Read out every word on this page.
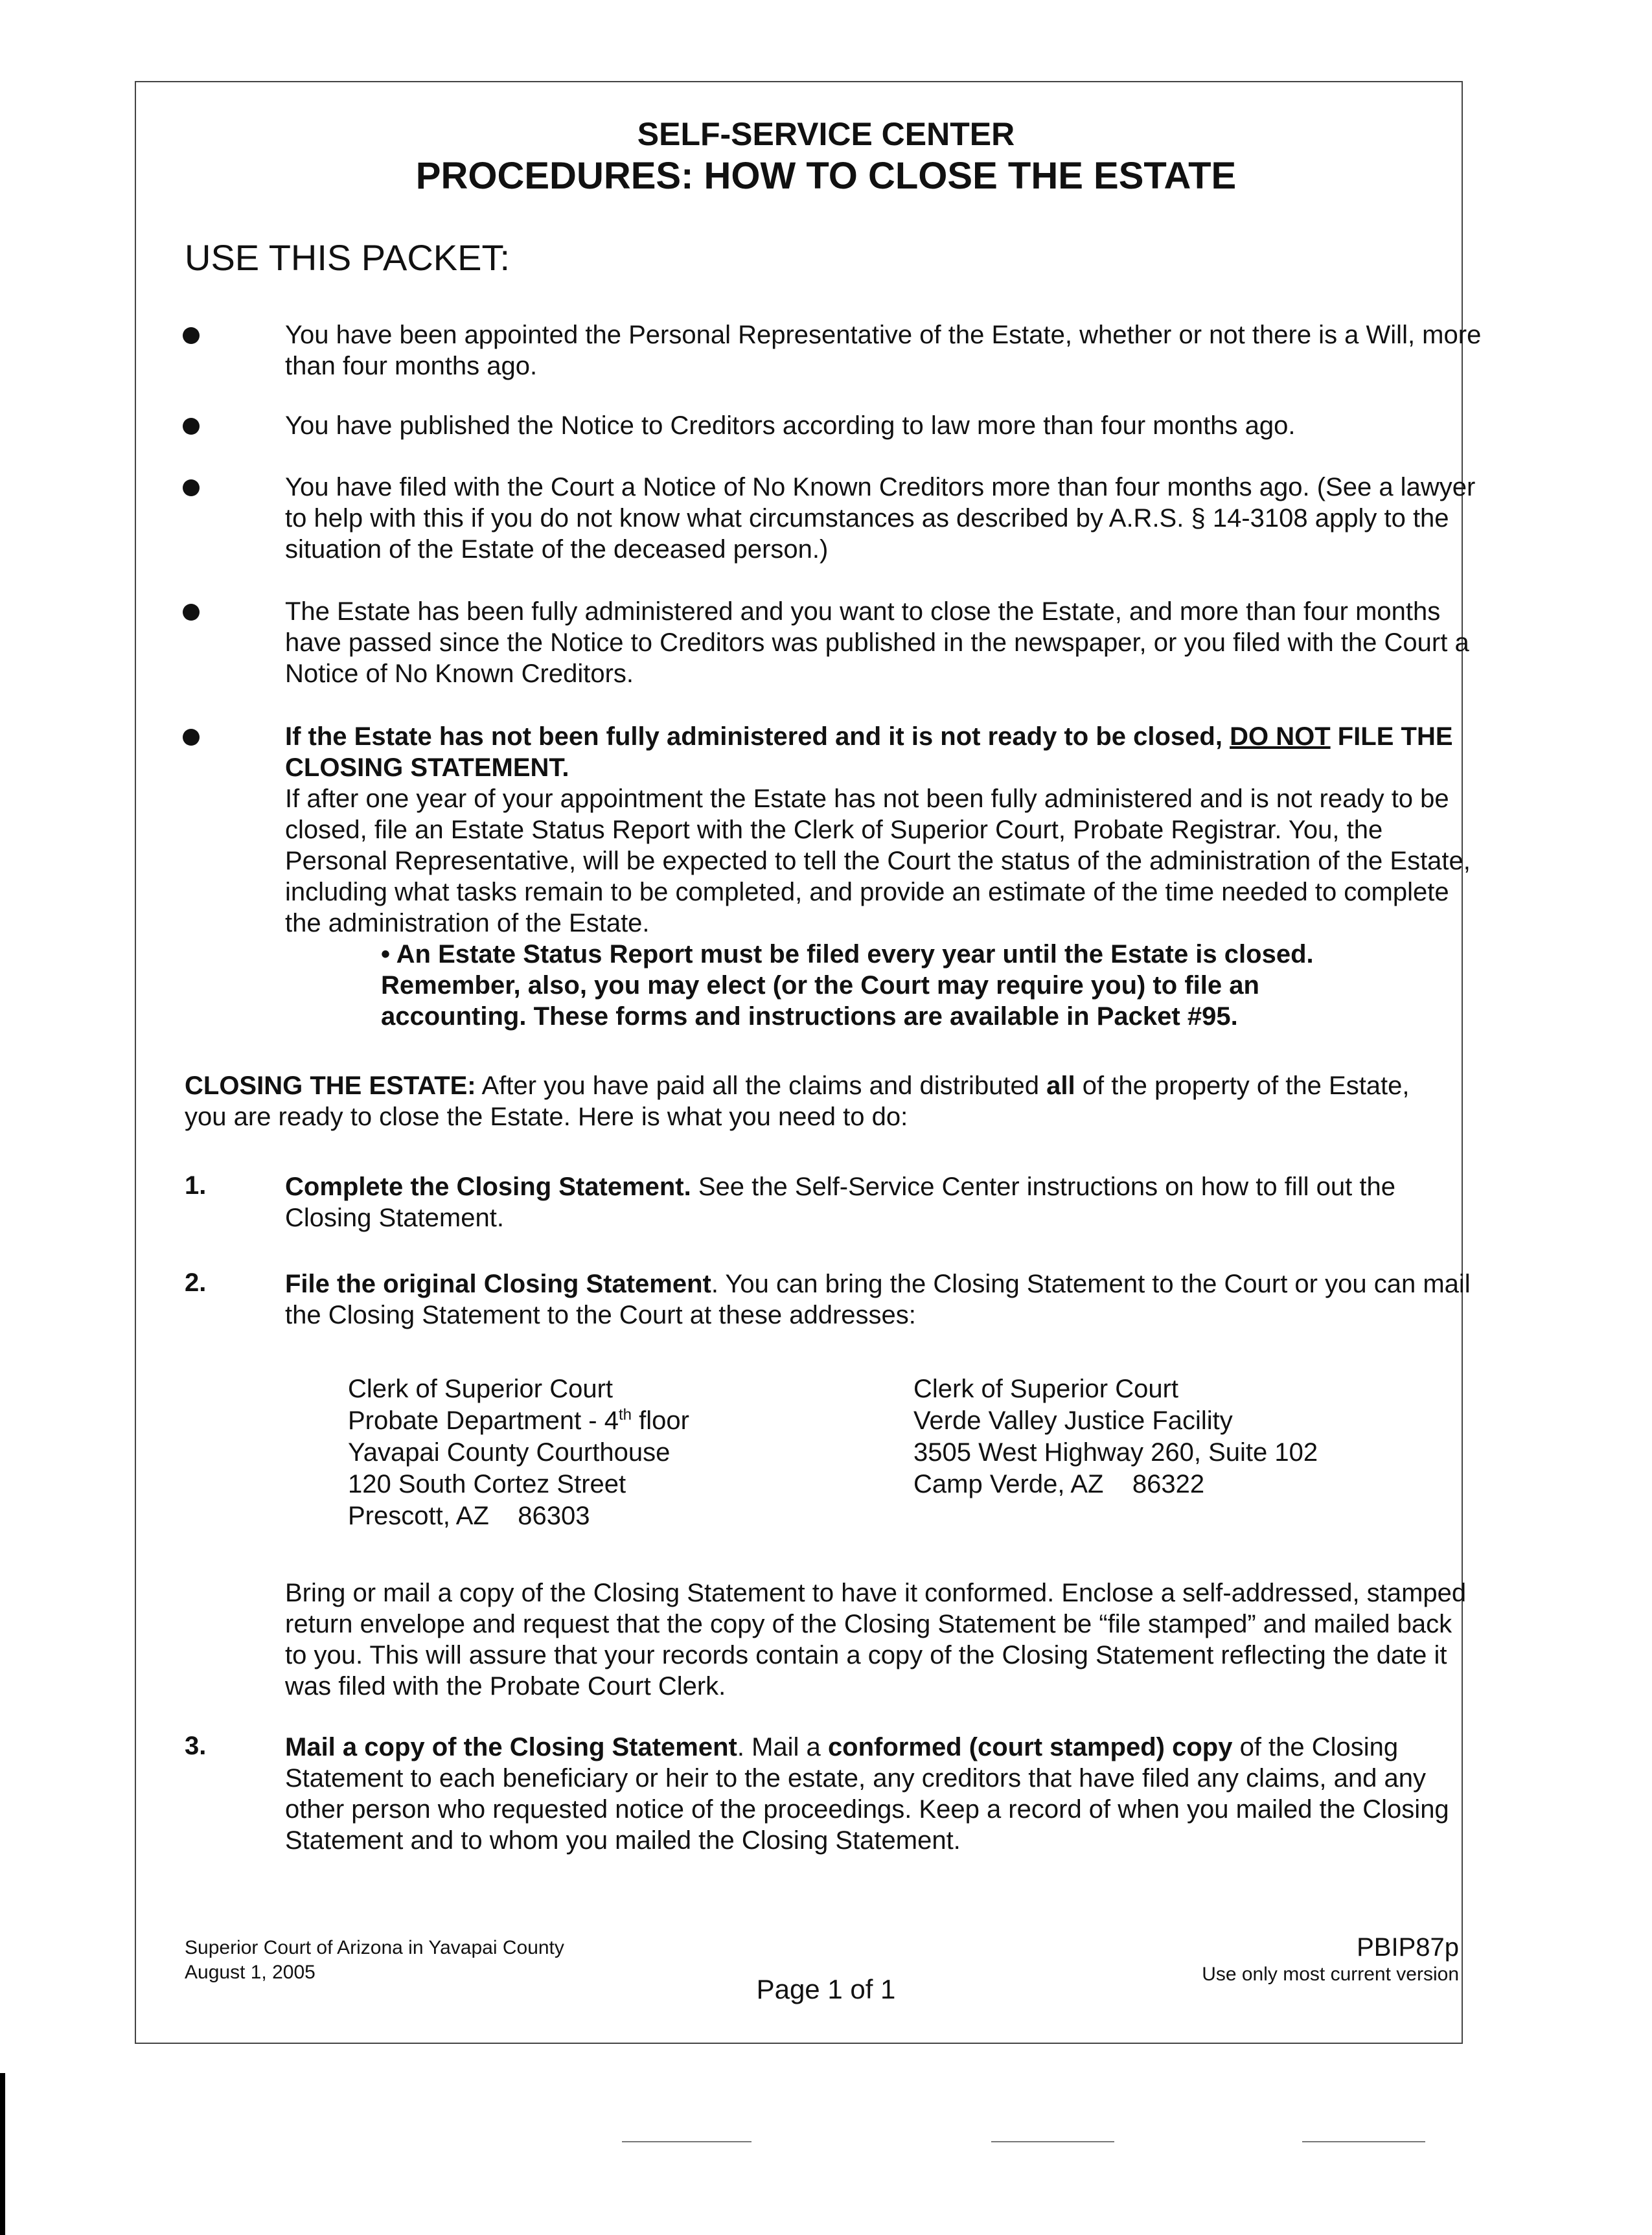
SELF-SERVICE CENTER
PROCEDURES: HOW TO CLOSE THE ESTATE
USE THIS PACKET:
You have been appointed the Personal Representative of the Estate, whether or not there is a Will, more than four months ago.
You have published the Notice to Creditors according to law more than four months ago.
You have filed with the Court a Notice of No Known Creditors more than four months ago. (See a lawyer to help with this if you do not know what circumstances as described by A.R.S. § 14-3108 apply to the situation of the Estate of the deceased person.)
The Estate has been fully administered and you want to close the Estate, and more than four months have passed since the Notice to Creditors was published in the newspaper, or you filed with the Court a Notice of No Known Creditors.
If the Estate has not been fully administered and it is not ready to be closed, DO NOT FILE THE CLOSING STATEMENT.
If after one year of your appointment the Estate has not been fully administered and is not ready to be closed, file an Estate Status Report with the Clerk of Superior Court, Probate Registrar. You, the Personal Representative, will be expected to tell the Court the status of the administration of the Estate, including what tasks remain to be completed, and provide an estimate of the time needed to complete the administration of the Estate.
• An Estate Status Report must be filed every year until the Estate is closed. Remember, also, you may elect (or the Court may require you) to file an accounting. These forms and instructions are available in Packet #95.
CLOSING THE ESTATE: After you have paid all the claims and distributed all of the property of the Estate, you are ready to close the Estate. Here is what you need to do:
1.	Complete the Closing Statement. See the Self-Service Center instructions on how to fill out the Closing Statement.
2.	File the original Closing Statement. You can bring the Closing Statement to the Court or you can mail the Closing Statement to the Court at these addresses:
Clerk of Superior Court
Probate Department - 4th floor
Yavapai County Courthouse
120 South Cortez Street
Prescott, AZ    86303
Clerk of Superior Court
Verde Valley Justice Facility
3505 West Highway 260, Suite 102
Camp Verde, AZ    86322
Bring or mail a copy of the Closing Statement to have it conformed. Enclose a self-addressed, stamped return envelope and request that the copy of the Closing Statement be “file stamped” and mailed back to you. This will assure that your records contain a copy of the Closing Statement reflecting the date it was filed with the Probate Court Clerk.
3.	Mail a copy of the Closing Statement. Mail a conformed (court stamped) copy of the Closing Statement to each beneficiary or heir to the estate, any creditors that have filed any claims, and any other person who requested notice of the proceedings. Keep a record of when you mailed the Closing Statement and to whom you mailed the Closing Statement.
Superior Court of Arizona in Yavapai County
August 1, 2005
Page 1 of 1
PBIP87p
Use only most current version
